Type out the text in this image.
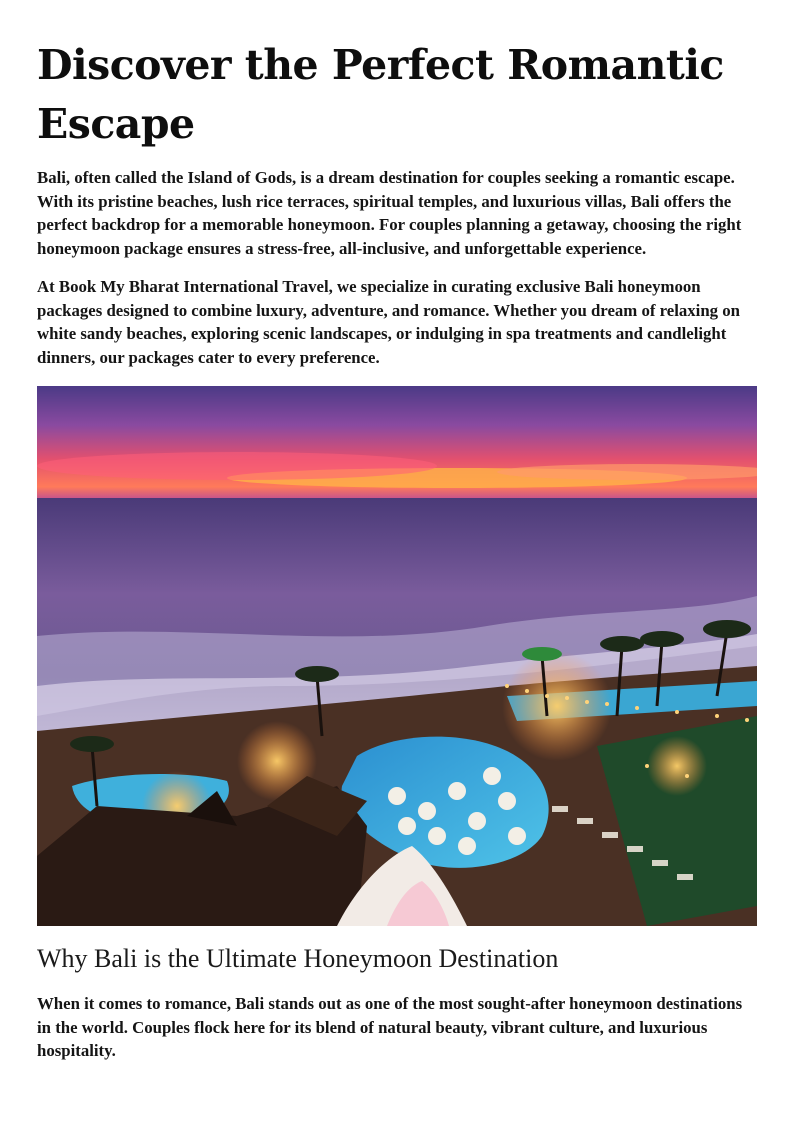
Discover the Perfect Romantic Escape

Bali, often called the Island of Gods, is a dream destination for couples seeking a romantic escape. With its pristine beaches, lush rice terraces, spiritual temples, and luxurious villas, Bali offers the perfect backdrop for a memorable honeymoon. For couples planning a getaway, choosing the right honeymoon package ensures a stress-free, all-inclusive, and unforgettable experience.

At Book My Bharat International Travel, we specialize in curating exclusive Bali honeymoon packages designed to combine luxury, adventure, and romance. Whether you dream of relaxing on white sandy beaches, exploring scenic landscapes, or indulging in spa treatments and candlelight dinners, our packages cater to every preference.

Why Bali is the Ultimate Honeymoon Destination

When it comes to romance, Bali stands out as one of the most sought-after honeymoon destinations in the world. Couples flock here for its blend of natural beauty, vibrant culture, and luxurious hospitality.
